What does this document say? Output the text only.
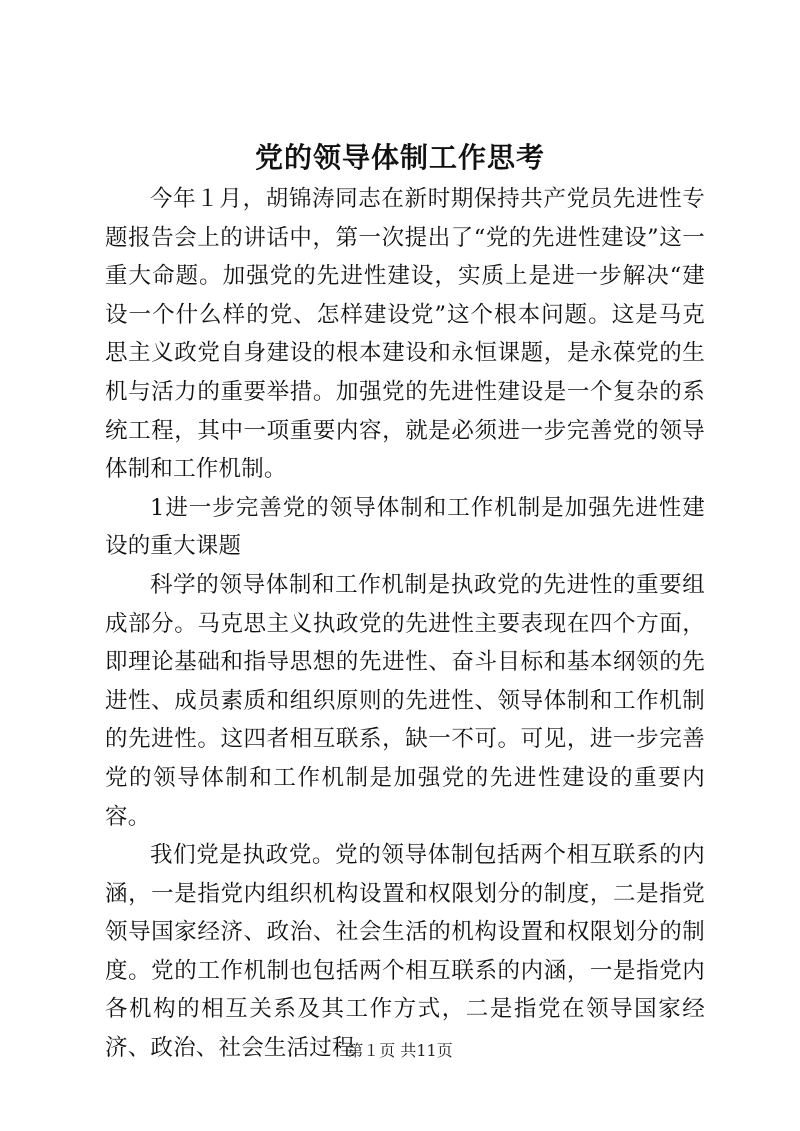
党的领导体制工作思考

今年１月，胡锦涛同志在新时期保持共产党员先进性专题报告会上的讲话中，第一次提出了“党的先进性建设”这一重大命题。加强党的先进性建设，实质上是进一步解决“建设一个什么样的党、怎样建设党”这个根本问题。这是马克思主义政党自身建设的根本建设和永恒课题，是永葆党的生机与活力的重要举措。加强党的先进性建设是一个复杂的系统工程，其中一项重要内容，就是必须进一步完善党的领导体制和工作机制。

1进一步完善党的领导体制和工作机制是加强先进性建设的重大课题

科学的领导体制和工作机制是执政党的先进性的重要组成部分。马克思主义执政党的先进性主要表现在四个方面，即理论基础和指导思想的先进性、奋斗目标和基本纲领的先进性、成员素质和组织原则的先进性、领导体制和工作机制的先进性。这四者相互联系，缺一不可。可见，进一步完善党的领导体制和工作机制是加强党的先进性建设的重要内容。

我们党是执政党。党的领导体制包括两个相互联系的内涵，一是指党内组织机构设置和权限划分的制度，二是指党领导国家经济、政治、社会生活的机构设置和权限划分的制度。党的工作机制也包括两个相互联系的内涵，一是指党内各机构的相互关系及其工作方式，二是指党在领导国家经济、政治、社会生活过程

第１页 共11页
